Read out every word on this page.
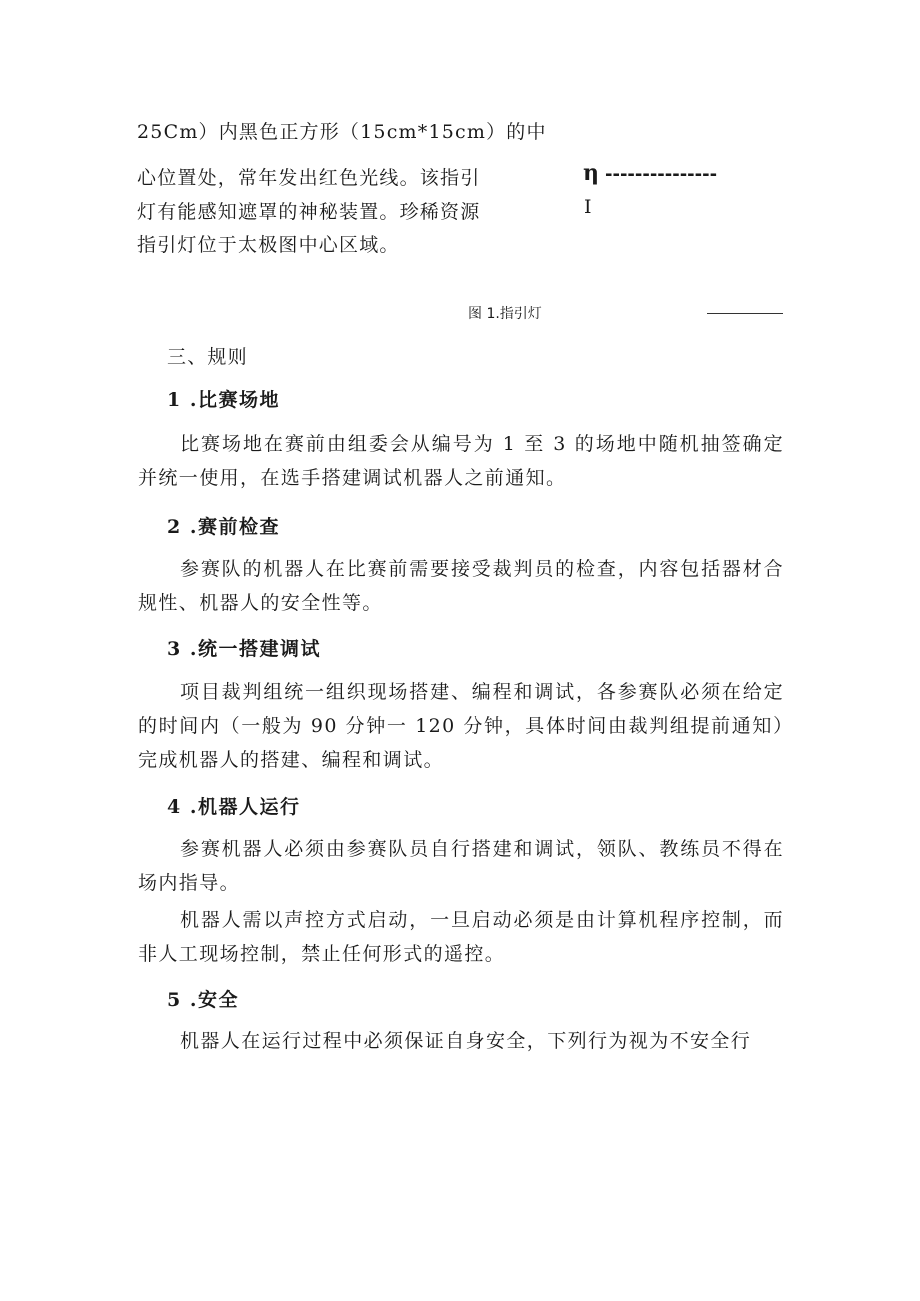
25Cm）内黑色正方形（15cm*15cm）的中

心位置处，常年发出红色光线。该指引

灯有能感知遮罩的神秘装置。珍稀资源

指引灯位于太极图中心区域。

η ---------------
I
图 1.指引灯

三、规则

1 .比赛场地

比赛场地在赛前由组委会从编号为 1 至 3 的场地中随机抽签确定并统一使用，在选手搭建调试机器人之前通知。

2 .赛前检查

参赛队的机器人在比赛前需要接受裁判员的检查，内容包括器材合规性、机器人的安全性等。

3 .统一搭建调试

项目裁判组统一组织现场搭建、编程和调试，各参赛队必须在给定的时间内（一般为 90 分钟一 120 分钟，具体时间由裁判组提前通知）完成机器人的搭建、编程和调试。

4 .机器人运行

参赛机器人必须由参赛队员自行搭建和调试，领队、教练员不得在场内指导。

机器人需以声控方式启动，一旦启动必须是由计算机程序控制，而非人工现场控制，禁止任何形式的遥控。

5 .安全

机器人在运行过程中必须保证自身安全，下列行为视为不安全行
